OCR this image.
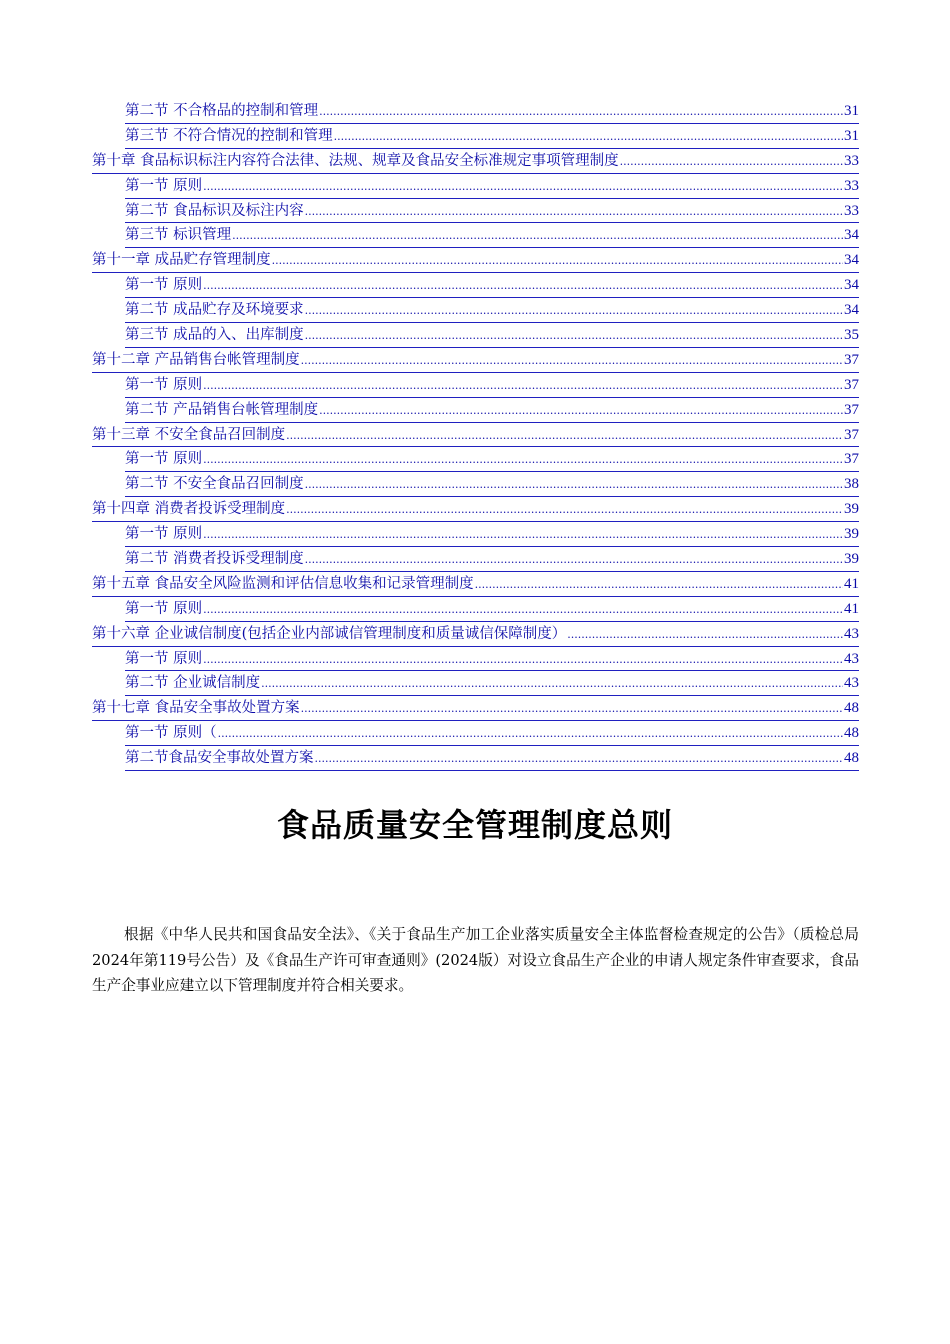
第二节 不合格品的控制和管理 .....	31
第三节 不符合情况的控制和管理 .....	31
第十章 食品标识标注内容符合法律、法规、规章及食品安全标准规定事项管理制度 .....	33
第一节 原则 .....	33
第二节 食品标识及标注内容 .....	33
第三节 标识管理 .....	34
第十一章 成品贮存管理制度 .....	34
第一节 原则 .....	34
第二节 成品贮存及环境要求 .....	34
第三节 成品的入、出库制度 .....	35
第十二章 产品销售台帐管理制度 .....	37
第一节 原则 .....	37
第二节 产品销售台帐管理制度 .....	37
第十三章 不安全食品召回制度 .....	37
第一节 原则 .....	37
第二节 不安全食品召回制度 .....	38
第十四章 消费者投诉受理制度 .....	39
第一节 原则 .....	39
第二节 消费者投诉受理制度 .....	39
第十五章 食品安全风险监测和评估信息收集和记录管理制度 .....	41
第一节 原则 .....	41
第十六章 企业诚信制度(包括企业内部诚信管理制度和质量诚信保障制度） .....	43
第一节 原则 .....	43
第二节 企业诚信制度 .....	43
第十七章 食品安全事故处置方案 .....	48
第一节 原则（ .....	48
第二节食品安全事故处置方案 .....	48
食品质量安全管理制度总则

根据《中华人民共和国食品安全法》、《关于食品生产加工企业落实质量安全主体监督检查规定的公告》（质检总局2024年第119号公告）及《食品生产许可审查通则》(2024版）对设立食品生产企业的申请人规定条件审查要求，食品生产企事业应建立以下管理制度并符合相关要求。
